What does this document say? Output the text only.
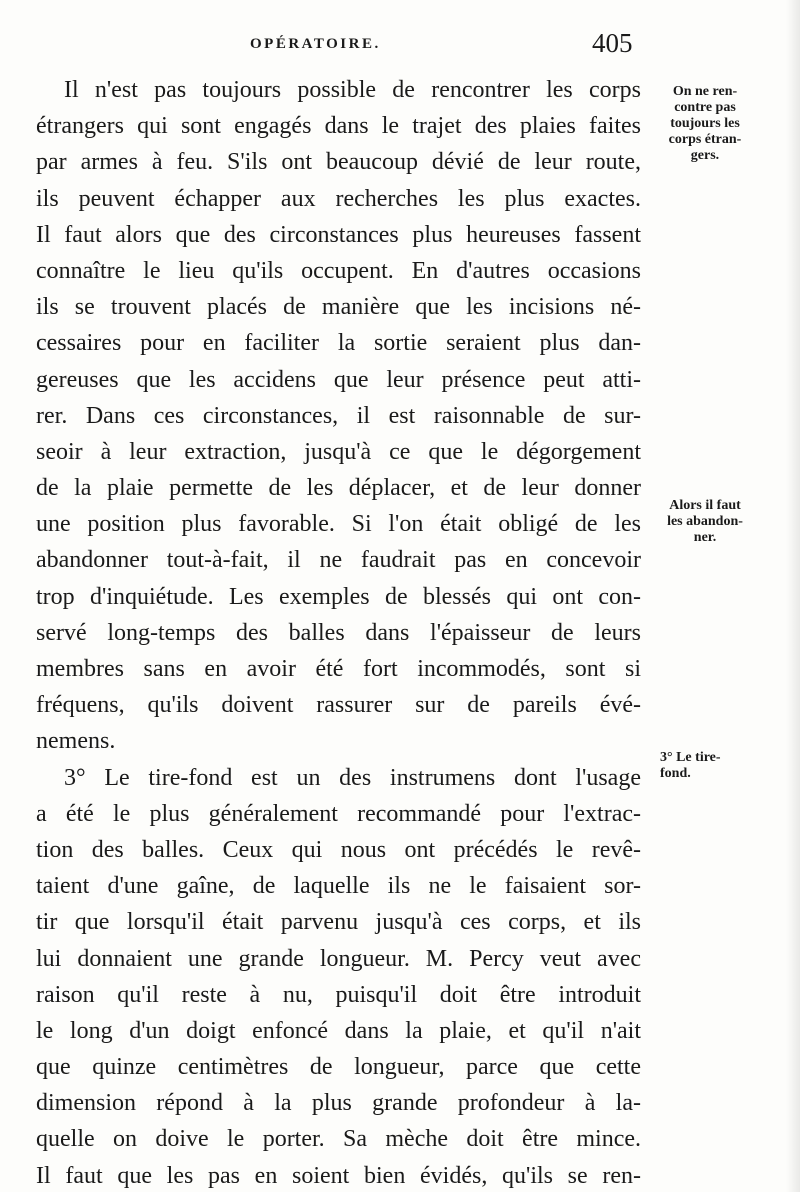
OPÉRATOIRE.	405
Il n'est pas toujours possible de rencontrer les corps
étrangers qui sont engagés dans le trajet des plaies faites
par armes à feu. S'ils ont beaucoup dévié de leur route,
ils peuvent échapper aux recherches les plus exactes.
Il faut alors que des circonstances plus heureuses fassent
connaître le lieu qu'ils occupent. En d'autres occasions
ils se trouvent placés de manière que les incisions né-
cessaires pour en faciliter la sortie seraient plus dan-
gereuses que les accidens que leur présence peut atti-
rer. Dans ces circonstances, il est raisonnable de sur-
seoir à leur extraction, jusqu'à ce que le dégorgement
de la plaie permette de les déplacer, et de leur donner
une position plus favorable. Si l'on était obligé de les
abandonner tout-à-fait, il ne faudrait pas en concevoir
trop d'inquiétude. Les exemples de blessés qui ont con-
servé long-temps des balles dans l'épaisseur de leurs
membres sans en avoir été fort incommodés, sont si
fréquens, qu'ils doivent rassurer sur de pareils évé-
nemens.
3° Le tire-fond est un des instrumens dont l'usage
a été le plus généralement recommandé pour l'extrac-
tion des balles. Ceux qui nous ont précédés le revê-
taient d'une gaîne, de laquelle ils ne le faisaient sor-
tir que lorsqu'il était parvenu jusqu'à ces corps, et ils
lui donnaient une grande longueur. M. Percy veut avec
raison qu'il reste à nu, puisqu'il doit être introduit
le long d'un doigt enfoncé dans la plaie, et qu'il n'ait
que quinze centimètres de longueur, parce que cette
dimension répond à la plus grande profondeur à la-
quelle on doive le porter. Sa mèche doit être mince.
Il faut que les pas en soient bien évidés, qu'ils se ren-
On ne ren-
contre pas
toujours les
corps étran-
gers.
Alors il faut
les abandon-
ner.
3° Le tire-
fond.
